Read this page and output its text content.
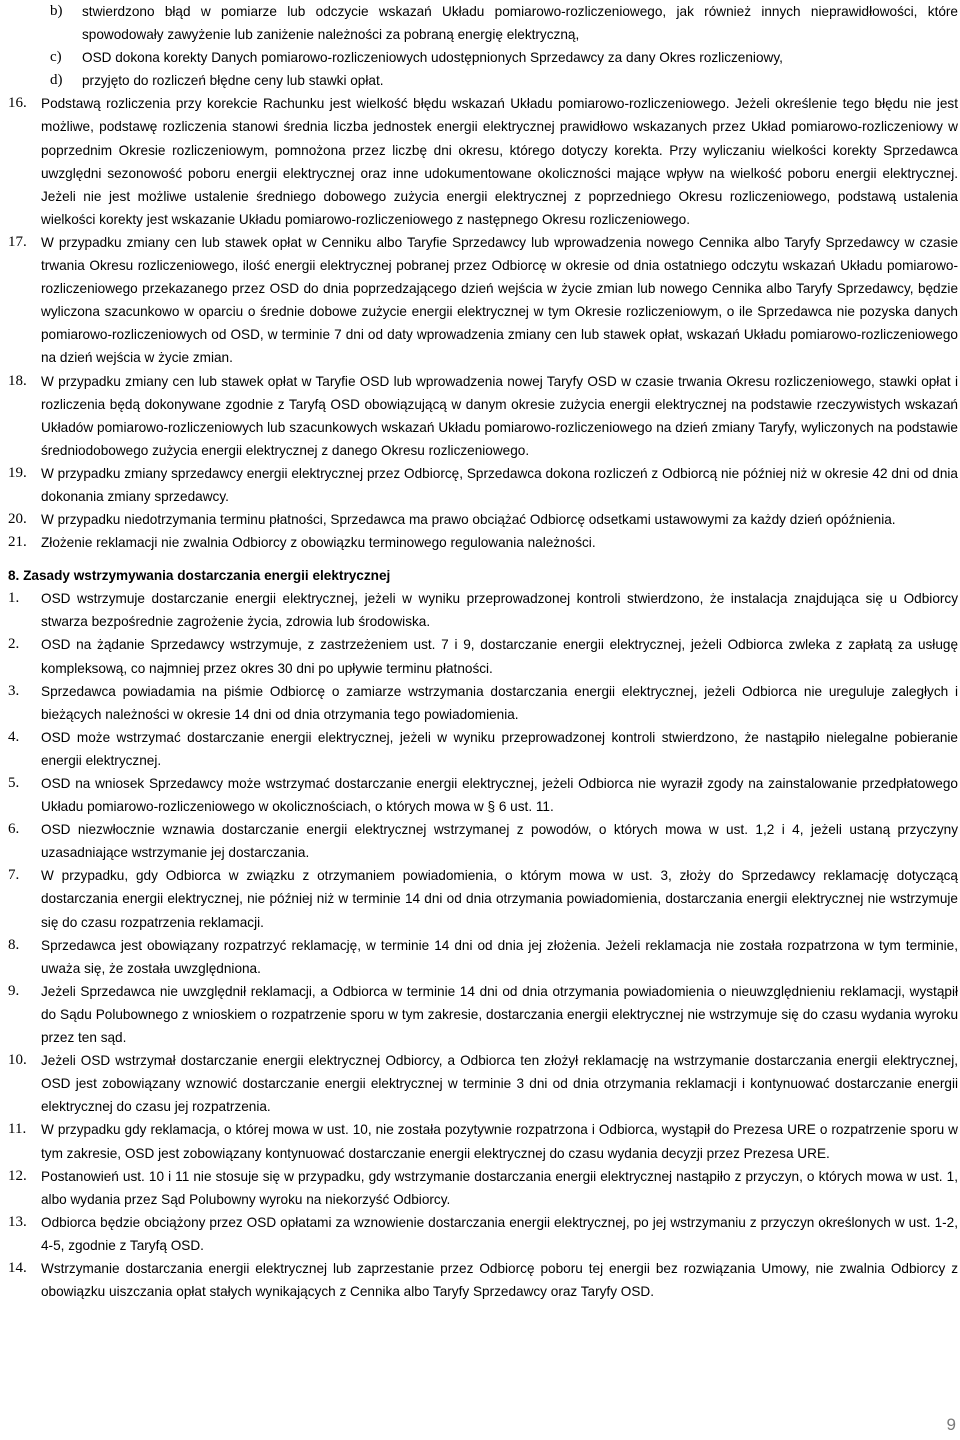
b) stwierdzono błąd w pomiarze lub odczycie wskazań Układu pomiarowo-rozliczeniowego, jak również innych nieprawidłowości, które spowodowały zawyżenie lub zaniżenie należności za pobraną energię elektryczną,
c) OSD dokona korekty Danych pomiarowo-rozliczeniowych udostępnionych Sprzedawcy za dany Okres rozliczeniowy,
d) przyjęto do rozliczeń błędne ceny lub stawki opłat.
16. Podstawą rozliczenia przy korekcie Rachunku jest wielkość błędu wskazań Układu pomiarowo-rozliczeniowego. Jeżeli określenie tego błędu nie jest możliwe, podstawę rozliczenia stanowi średnia liczba jednostek energii elektrycznej prawidłowo wskazanych przez Układ pomiarowo-rozliczeniowy w poprzednim Okresie rozliczeniowym, pomnożona przez liczbę dni okresu, którego dotyczy korekta. Przy wyliczaniu wielkości korekty Sprzedawca uwzględni sezonowość poboru energii elektrycznej oraz inne udokumentowane okoliczności mające wpływ na wielkość poboru energii elektrycznej. Jeżeli nie jest możliwe ustalenie średniego dobowego zużycia energii elektrycznej z poprzedniego Okresu rozliczeniowego, podstawą ustalenia wielkości korekty jest wskazanie Układu pomiarowo-rozliczeniowego z następnego Okresu rozliczeniowego.
17. W przypadku zmiany cen lub stawek opłat w Cenniku albo Taryfie Sprzedawcy lub wprowadzenia nowego Cennika albo Taryfy Sprzedawcy w czasie trwania Okresu rozliczeniowego, ilość energii elektrycznej pobranej przez Odbiorcę w okresie od dnia ostatniego odczytu wskazań Układu pomiarowo-rozliczeniowego przekazanego przez OSD do dnia poprzedzającego dzień wejścia w życie zmian lub nowego Cennika albo Taryfy Sprzedawcy, będzie wyliczona szacunkowo w oparciu o średnie dobowe zużycie energii elektrycznej w tym Okresie rozliczeniowym, o ile Sprzedawca nie pozyska danych pomiarowo-rozliczeniowych od OSD, w terminie 7 dni od daty wprowadzenia zmiany cen lub stawek opłat, wskazań Układu pomiarowo-rozliczeniowego na dzień wejścia w życie zmian.
18. W przypadku zmiany cen lub stawek opłat w Taryfie OSD lub wprowadzenia nowej Taryfy OSD w czasie trwania Okresu rozliczeniowego, stawki opłat i rozliczenia będą dokonywane zgodnie z Taryfą OSD obowiązującą w danym okresie zużycia energii elektrycznej na podstawie rzeczywistych wskazań Układów pomiarowo-rozliczeniowych lub szacunkowych wskazań Układu pomiarowo-rozliczeniowego na dzień zmiany Taryfy, wyliczonych na podstawie średniodobowego zużycia energii elektrycznej z danego Okresu rozliczeniowego.
19. W przypadku zmiany sprzedawcy energii elektrycznej przez Odbiorcę, Sprzedawca dokona rozliczeń z Odbiorcą nie później niż w okresie 42 dni od dnia dokonania zmiany sprzedawcy.
20. W przypadku niedotrzymania terminu płatności, Sprzedawca ma prawo obciążać Odbiorcę odsetkami ustawowymi za każdy dzień opóźnienia.
21. Złożenie reklamacji nie zwalnia Odbiorcy z obowiązku terminowego regulowania należności.
8. Zasady wstrzymywania dostarczania energii elektrycznej
1. OSD wstrzymuje dostarczanie energii elektrycznej, jeżeli w wyniku przeprowadzonej kontroli stwierdzono, że instalacja znajdująca się u Odbiorcy stwarza bezpośrednie zagrożenie życia, zdrowia lub środowiska.
2. OSD na żądanie Sprzedawcy wstrzymuje, z zastrzeżeniem ust. 7 i 9, dostarczanie energii elektrycznej, jeżeli Odbiorca zwleka z zapłatą za usługę kompleksową, co najmniej przez okres 30 dni po upływie terminu płatności.
3. Sprzedawca powiadamia na piśmie Odbiorcę o zamiarze wstrzymania dostarczania energii elektrycznej, jeżeli Odbiorca nie ureguluje zaległych i bieżących należności w okresie 14 dni od dnia otrzymania tego powiadomienia.
4. OSD może wstrzymać dostarczanie energii elektrycznej, jeżeli w wyniku przeprowadzonej kontroli stwierdzono, że nastąpiło nielegalne pobieranie energii elektrycznej.
5. OSD na wniosek Sprzedawcy może wstrzymać dostarczanie energii elektrycznej, jeżeli Odbiorca nie wyraził zgody na zainstalowanie przedpłatowego Układu pomiarowo-rozliczeniowego w okolicznościach, o których mowa w § 6 ust. 11.
6. OSD niezwłocznie wznawia dostarczanie energii elektrycznej wstrzymanej z powodów, o których mowa w ust. 1,2 i 4, jeżeli ustaną przyczyny uzasadniające wstrzymanie jej dostarczania.
7. W przypadku, gdy Odbiorca w związku z otrzymaniem powiadomienia, o którym mowa w ust. 3, złoży do Sprzedawcy reklamację dotyczącą dostarczania energii elektrycznej, nie później niż w terminie 14 dni od dnia otrzymania powiadomienia, dostarczania energii elektrycznej nie wstrzymuje się do czasu rozpatrzenia reklamacji.
8. Sprzedawca jest obowiązany rozpatrzyć reklamację, w terminie 14 dni od dnia jej złożenia. Jeżeli reklamacja nie została rozpatrzona w tym terminie, uważa się, że została uwzględniona.
9. Jeżeli Sprzedawca nie uwzględnił reklamacji, a Odbiorca w terminie 14 dni od dnia otrzymania powiadomienia o nieuwzględnieniu reklamacji, wystąpił do Sądu Polubownego z wnioskiem o rozpatrzenie sporu w tym zakresie, dostarczania energii elektrycznej nie wstrzymuje się do czasu wydania wyroku przez ten sąd.
10. Jeżeli OSD wstrzymał dostarczanie energii elektrycznej Odbiorcy, a Odbiorca ten złożył reklamację na wstrzymanie dostarczania energii elektrycznej, OSD jest zobowiązany wznowić dostarczanie energii elektrycznej w terminie 3 dni od dnia otrzymania reklamacji i kontynuować dostarczanie energii elektrycznej do czasu jej rozpatrzenia.
11. W przypadku gdy reklamacja, o której mowa w ust. 10, nie została pozytywnie rozpatrzona i Odbiorca, wystąpił do Prezesa URE o rozpatrzenie sporu w tym zakresie, OSD jest zobowiązany kontynuować dostarczanie energii elektrycznej do czasu wydania decyzji przez Prezesa URE.
12. Postanowień ust. 10 i 11 nie stosuje się w przypadku, gdy wstrzymanie dostarczania energii elektrycznej nastąpiło z przyczyn, o których mowa w ust. 1, albo wydania przez Sąd Polubowny wyroku na niekorzyść Odbiorcy.
13. Odbiorca będzie obciążony przez OSD opłatami za wznowienie dostarczania energii elektrycznej, po jej wstrzymaniu z przyczyn określonych w ust. 1-2, 4-5, zgodnie z Taryfą OSD.
14. Wstrzymanie dostarczania energii elektrycznej lub zaprzestanie przez Odbiorcę poboru tej energii bez rozwiązania Umowy, nie zwalnia Odbiorcy z obowiązku uiszczania opłat stałych wynikających z Cennika albo Taryfy Sprzedawcy oraz Taryfy OSD.
9
